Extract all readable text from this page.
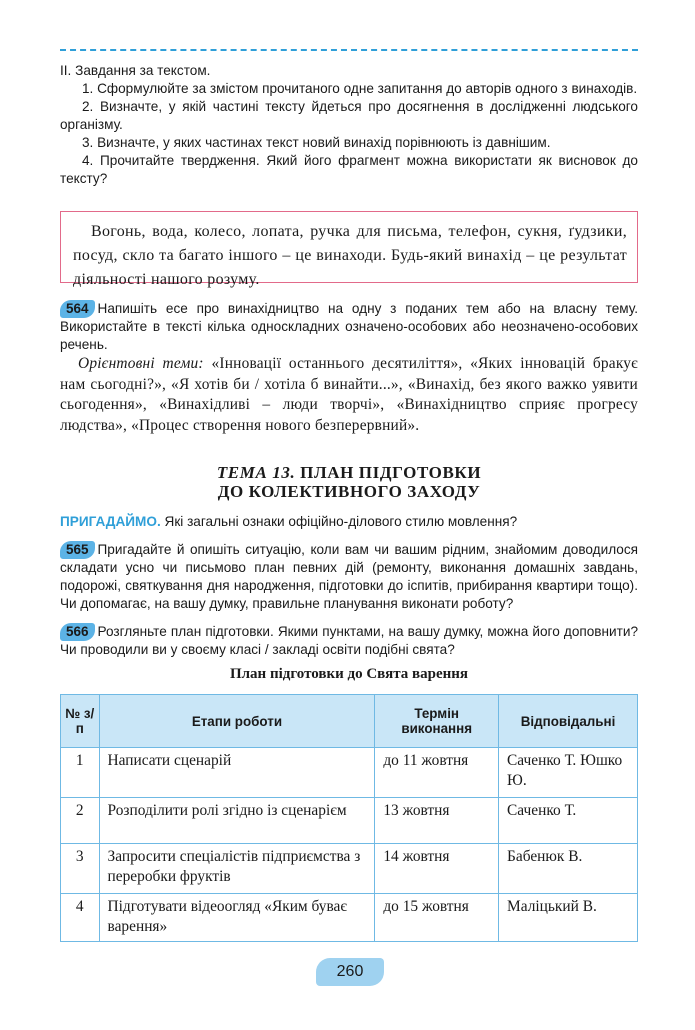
II. Завдання за текстом.

1. Сформулюйте за змістом прочитаного одне запитання до авторів одного з винаходів.

2. Визначте, у якій частині тексту йдеться про досягнення в дослідженні людського організму.

3. Визначте, у яких частинах текст новий винахід порівнюють із давнішим.

4. Прочитайте твердження. Який його фрагмент можна використати як висновок до тексту?

Вогонь, вода, колесо, лопата, ручка для письма, телефон, сукня, ґудзики, посуд, скло та багато іншого – це винаходи. Будь-який винахід – це результат діяльності нашого розуму.

564 Напишіть есе про винахідництво на одну з поданих тем або на власну тему. Використайте в тексті кілька односкладних означено-особових або неозначено-особових речень.

Орієнтовні теми: «Інновації останнього десятиліття», «Яких інновацій бракує нам сьогодні?», «Я хотів би / хотіла б винайти...», «Винахід, без якого важко уявити сьогодення», «Винахідливі – люди творчі», «Винахідництво сприяє прогресу людства», «Процес створення нового безперервний».

ТЕМА 13. ПЛАН ПІДГОТОВКИ
ДО КОЛЕКТИВНОГО ЗАХОДУ
ПРИГАДАЙМО. Які загальні ознаки офіційно-ділового стилю мовлення?

565 Пригадайте й опишіть ситуацію, коли вам чи вашим рідним, знайомим доводилося складати усно чи письмово план певних дій (ремонту, виконання домашніх завдань, подорожі, святкування дня народження, підготовки до іспитів, прибирання квартири тощо). Чи допомагає, на вашу думку, правильне планування виконати роботу?

566 Розгляньте план підготовки. Якими пунктами, на вашу думку, можна його доповнити? Чи проводили ви у своєму класі / закладі освіти подібні свята?

План підготовки до Свята варення
№ з/п	Етапи роботи	Термін виконання	Відповідальні
1	Написати сценарій	до 11 жовтня	Саченко Т. Юшко Ю.
2	Розподілити ролі згідно із сценарієм	13 жовтня	Саченко Т.
3	Запросити спеціалістів підприємства з переробки фруктів	14 жовтня	Бабенюк В.
4	Підготувати відеоогляд «Яким буває варення»	до 15 жовтня	Маліцький В.
260
